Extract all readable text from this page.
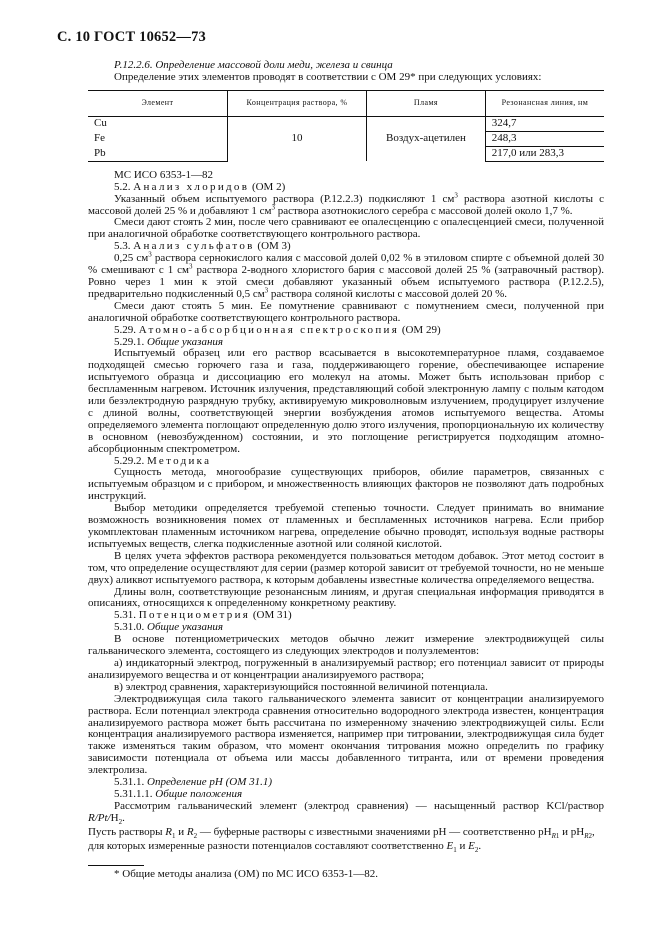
С. 10 ГОСТ 10652—73

Р.12.2.6. Определение массовой доли меди, железа и свинца

Определение этих элементов проводят в соответствии с ОМ 29* при следующих условиях:

Элемент	Концентрация раствора, %	Пламя	Резонансная линия, нм
Cu	10	Воздух-ацетилен	324,7
Fe			248,3
Pb			217,0 или 283,3

МС ИСО 6353-1—82

5.2. Анализ хлоридов (ОМ 2)

Указанный объем испытуемого раствора (Р.12.2.3) подкисляют 1 $см^3$ раствора азотной кислоты с массовой долей 25 % и добавляют 1 $см^3$ раствора азотнокислого серебра с массовой долей около 1,7 %.

Смеси дают стоять 2 мин, после чего сравнивают ее опалесценцию с опалесценцией смеси, полученной при аналогичной обработке соответствующего контрольного раствора.

5.3. Анализ сульфатов (ОМ 3)

0,25 $см^3$ раствора сернокислого калия с массовой долей 0,02 % в этиловом спирте с объемной долей 30 % смешивают с 1 $см^3$ раствора 2-водного хлористого бария с массовой долей 25 % (затравочный раствор). Ровно через 1 мин к этой смеси добавляют указанный объем испытуемого раствора (Р.12.2.5), предварительно подкисленный 0,5 $см^3$ раствора соляной кислоты с массовой долей 20 %.

Смеси дают стоять 5 мин. Ее помутнение сравнивают с помутнением смеси, полученной при аналогичной обработке соответствующего контрольного раствора.

5.29. Атомно-абсорбционная спектроскопия (ОМ 29)

5.29.1. Общие указания

Испытуемый образец или его раствор всасывается в высокотемпературное пламя, создаваемое подходящей смесью горючего газа и газа, поддерживающего горение, обеспечивающее испарение испытуемого образца и диссоциацию его молекул на атомы. Может быть использован прибор с беспламенным нагревом. Источник излучения, представляющий собой электронную лампу с полым катодом или безэлектродную разрядную трубку, активируемую микроволновым излучением, продуцирует излучение с длиной волны, соответствующей энергии возбуждения атомов испытуемого вещества. Атомы определяемого элемента поглощают определенную долю этого излучения, пропорциональную их количеству в основном (невозбужденном) состоянии, и это поглощение регистрируется подходящим атомно-абсорбционным спектрометром.

5.29.2. Методика

Сущность метода, многообразие существующих приборов, обилие параметров, связанных с испытуемым образцом и с прибором, и множественность влияющих факторов не позволяют дать подробных инструкций.

Выбор методики определяется требуемой степенью точности. Следует принимать во внимание возможность возникновения помех от пламенных и беспламенных источников нагрева. Если прибор укомплектован пламенным источником нагрева, определение обычно проводят, используя водные растворы испытуемых веществ, слегка подкисленные азотной или соляной кислотой.

В целях учета эффектов раствора рекомендуется пользоваться методом добавок. Этот метод состоит в том, что определение осуществляют для серии (размер которой зависит от требуемой точности, но не меньше двух) аликвот испытуемого раствора, к которым добавлены известные количества определяемого вещества.

Длины волн, соответствующие резонансным линиям, и другая специальная информация приводятся в описаниях, относящихся к определенному конкретному реактиву.

5.31. Потенциометрия (ОМ 31)

5.31.0. Общие указания

В основе потенциометрических методов обычно лежит измерение электродвижущей силы гальванического элемента, состоящего из следующих электродов и полуэлементов:

а) индикаторный электрод, погруженный в анализируемый раствор; его потенциал зависит от природы анализируемого вещества и от концентрации анализируемого раствора;

в) электрод сравнения, характеризующийся постоянной величиной потенциала.

Электродвижущая сила такого гальванического элемента зависит от концентрации анализируемого раствора. Если потенциал электрода сравнения относительно водородного электрода известен, концентрация анализируемого раствора может быть рассчитана по измеренному значению электродвижущей силы. Если концентрация анализируемого раствора изменяется, например при титровании, электродвижущая сила будет также изменяться таким образом, что момент окончания титрования можно определить по графику зависимости потенциала от объема или массы добавленного титранта, или от времени проведения электролиза.

5.31.1. Определение pH (ОМ 31.1)

5.31.1.1. Общие положения

Рассмотрим гальванический элемент (электрод сравнения) — насыщенный раствор KCl/раствор $R/Pt/H_2$.

Пусть растворы $R_1$ и $R_2$ — буферные растворы с известными значениями pH — соответственно $pH_{R1}$ и $pH_{R2}$,

для которых измеренные разности потенциалов составляют соответственно $E_1$ и $E_2$.

* Общие методы анализа (ОМ) по МС ИСО 6353-1—82.
